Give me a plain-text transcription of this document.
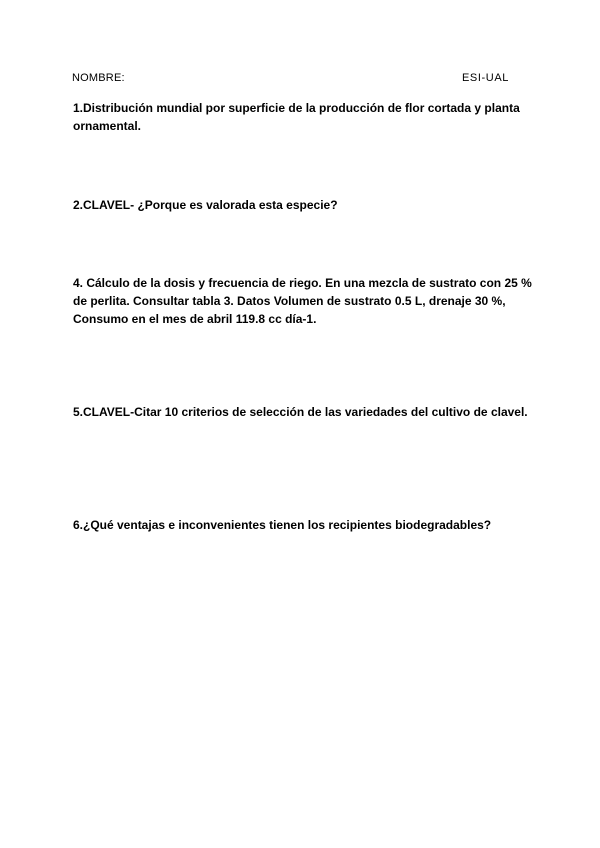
NOMBRE:	ESI-UAL

1.Distribución mundial por superficie de la producción de flor cortada y planta ornamental.

2.CLAVEL- ¿Porque es valorada esta especie?

4. Cálculo de la dosis y frecuencia de riego. En una mezcla de sustrato con 25 % de perlita. Consultar tabla 3. Datos Volumen de sustrato 0.5 L, drenaje 30 %, Consumo en el mes de abril 119.8 cc día-1.

5.CLAVEL-Citar 10 criterios de selección de las variedades del cultivo de clavel.

6.¿Qué ventajas e inconvenientes tienen los recipientes biodegradables?
